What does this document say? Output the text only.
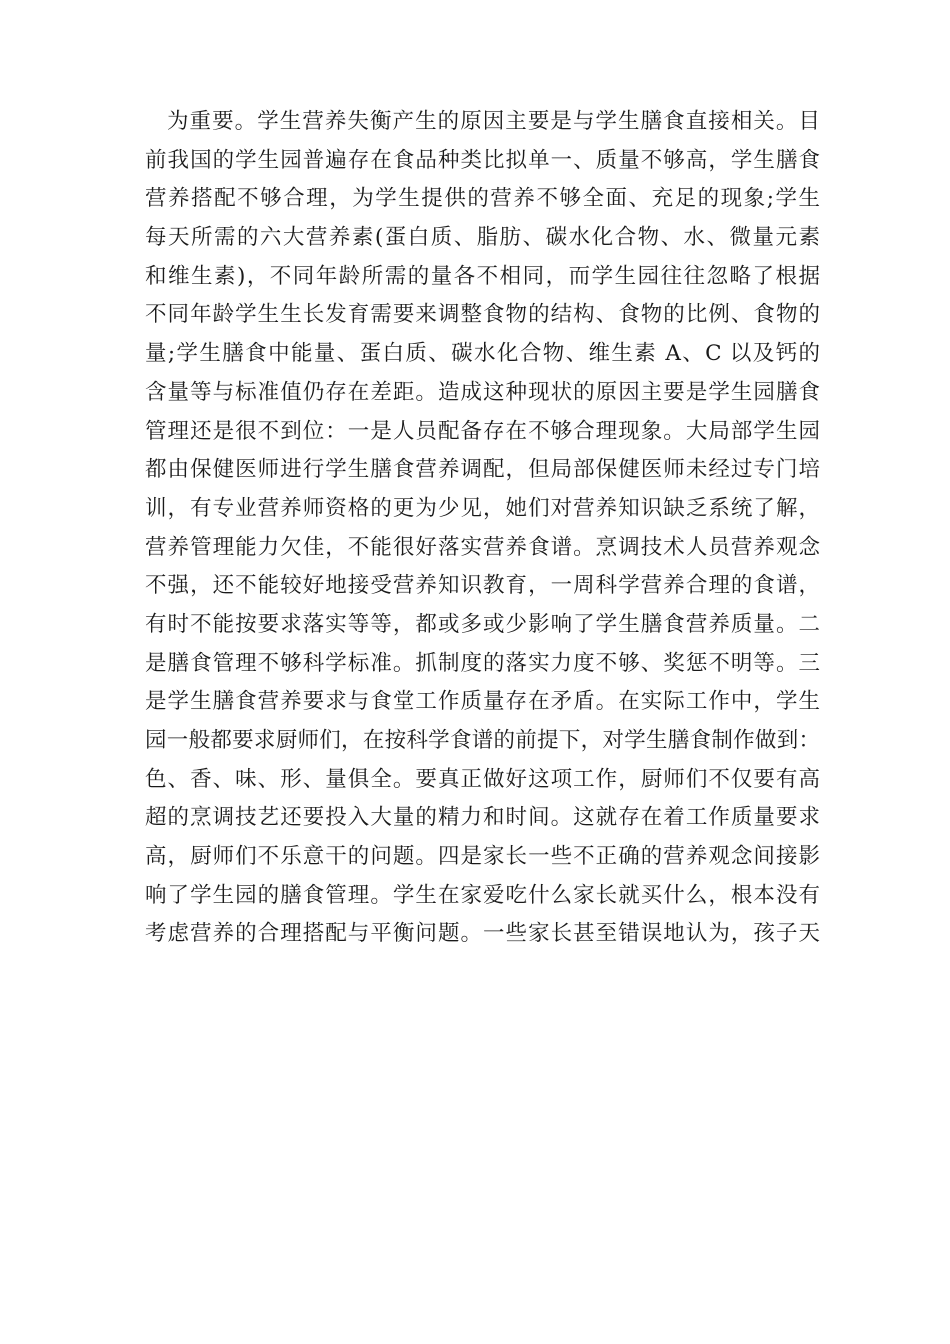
为重要。学生营养失衡产生的原因主要是与学生膳食直接相关。目
前我国的学生园普遍存在食品种类比拟单一、质量不够高，学生膳食
营养搭配不够合理，为学生提供的营养不够全面、充足的现象;学生
每天所需的六大营养素(蛋白质、脂肪、碳水化合物、水、微量元素
和维生素)，不同年龄所需的量各不相同，而学生园往往忽略了根据
不同年龄学生生长发育需要来调整食物的结构、食物的比例、食物的
量;学生膳食中能量、蛋白质、碳水化合物、维生素 A、C 以及钙的
含量等与标准值仍存在差距。造成这种现状的原因主要是学生园膳食
管理还是很不到位：一是人员配备存在不够合理现象。大局部学生园
都由保健医师进行学生膳食营养调配，但局部保健医师未经过专门培
训，有专业营养师资格的更为少见，她们对营养知识缺乏系统了解，
营养管理能力欠佳，不能很好落实营养食谱。烹调技术人员营养观念
不强，还不能较好地接受营养知识教育，一周科学营养合理的食谱，
有时不能按要求落实等等，都或多或少影响了学生膳食营养质量。二
是膳食管理不够科学标准。抓制度的落实力度不够、奖惩不明等。三
是学生膳食营养要求与食堂工作质量存在矛盾。在实际工作中，学生
园一般都要求厨师们，在按科学食谱的前提下，对学生膳食制作做到：
色、香、味、形、量俱全。要真正做好这项工作，厨师们不仅要有高
超的烹调技艺还要投入大量的精力和时间。这就存在着工作质量要求
高，厨师们不乐意干的问题。四是家长一些不正确的营养观念间接影
响了学生园的膳食管理。学生在家爱吃什么家长就买什么，根本没有
考虑营养的合理搭配与平衡问题。一些家长甚至错误地认为，孩子天
